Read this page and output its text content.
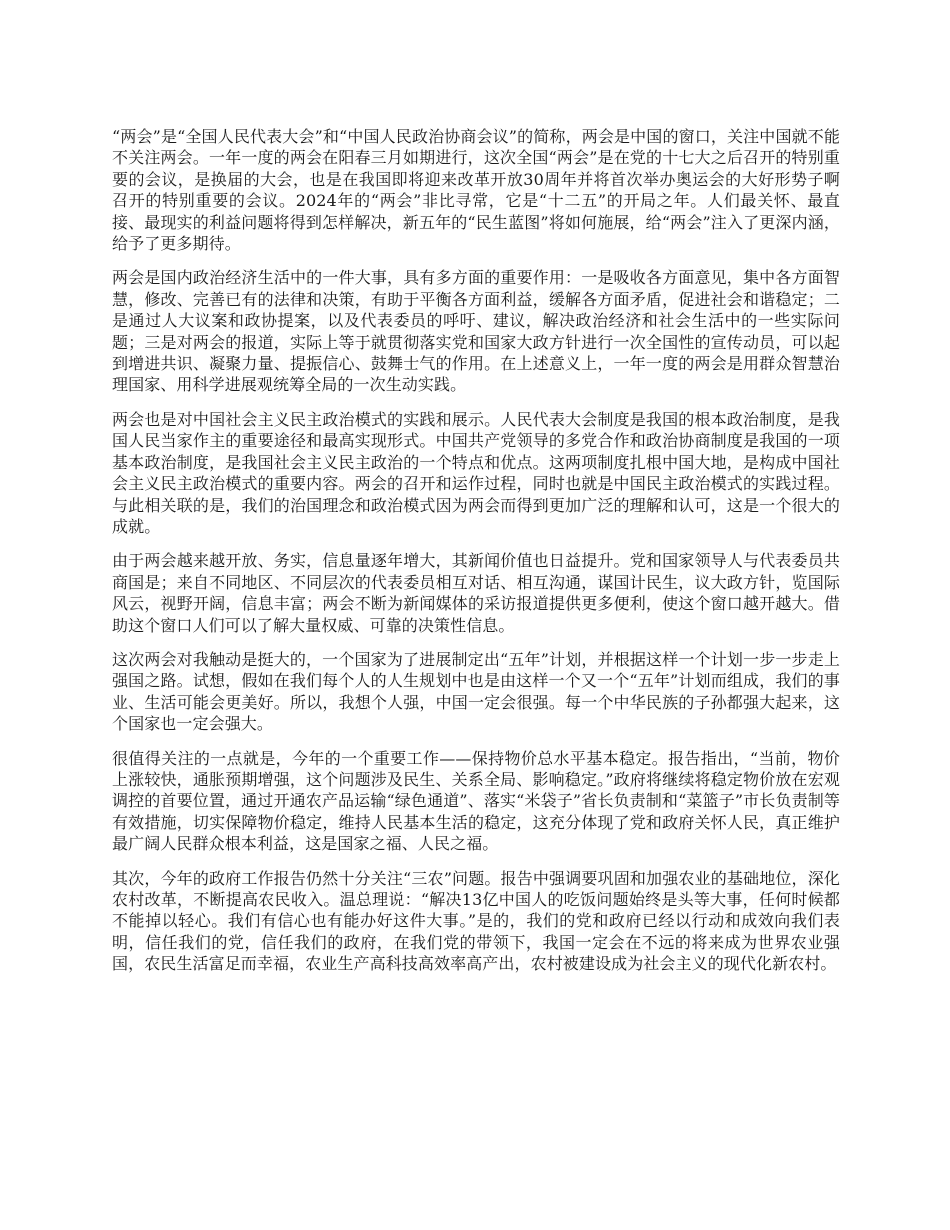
“两会”是“全国人民代表大会”和“中国人民政治协商会议”的简称，两会是中国的窗口，关注中国就不能不关注两会。一年一度的两会在阳春三月如期进行，这次全国“两会”是在党的十七大之后召开的特别重要的会议，是换届的大会，也是在我国即将迎来改革开放30周年并将首次举办奥运会的大好形势子啊召开的特别重要的会议。2024年的“两会”非比寻常，它是“十二五”的开局之年。人们最关怀、最直接、最现实的利益问题将得到怎样解决，新五年的“民生蓝图”将如何施展，给“两会”注入了更深内涵，给予了更多期待。

两会是国内政治经济生活中的一件大事，具有多方面的重要作用：一是吸收各方面意见，集中各方面智慧，修改、完善已有的法律和决策，有助于平衡各方面利益，缓解各方面矛盾，促进社会和谐稳定；二是通过人大议案和政协提案，以及代表委员的呼吁、建议，解决政治经济和社会生活中的一些实际问题；三是对两会的报道，实际上等于就贯彻落实党和国家大政方针进行一次全国性的宣传动员，可以起到增进共识、凝聚力量、提振信心、鼓舞士气的作用。在上述意义上，一年一度的两会是用群众智慧治理国家、用科学进展观统筹全局的一次生动实践。

两会也是对中国社会主义民主政治模式的实践和展示。人民代表大会制度是我国的根本政治制度，是我国人民当家作主的重要途径和最高实现形式。中国共产党领导的多党合作和政治协商制度是我国的一项基本政治制度，是我国社会主义民主政治的一个特点和优点。这两项制度扎根中国大地，是构成中国社会主义民主政治模式的重要内容。两会的召开和运作过程，同时也就是中国民主政治模式的实践过程。与此相关联的是，我们的治国理念和政治模式因为两会而得到更加广泛的理解和认可，这是一个很大的成就。

由于两会越来越开放、务实，信息量逐年增大，其新闻价值也日益提升。党和国家领导人与代表委员共商国是；来自不同地区、不同层次的代表委员相互对话、相互沟通，谋国计民生，议大政方针，览国际风云，视野开阔，信息丰富；两会不断为新闻媒体的采访报道提供更多便利，使这个窗口越开越大。借助这个窗口人们可以了解大量权威、可靠的决策性信息。

这次两会对我触动是挺大的，一个国家为了进展制定出“五年”计划，并根据这样一个计划一步一步走上强国之路。试想，假如在我们每个人的人生规划中也是由这样一个又一个“五年”计划而组成，我们的事业、生活可能会更美好。所以，我想个人强，中国一定会很强。每一个中华民族的子孙都强大起来，这个国家也一定会强大。

很值得关注的一点就是，今年的一个重要工作——保持物价总水平基本稳定。报告指出，“当前，物价上涨较快，通胀预期增强，这个问题涉及民生、关系全局、影响稳定。”政府将继续将稳定物价放在宏观调控的首要位置，通过开通农产品运输“绿色通道”、落实“米袋子”省长负责制和“菜篮子”市长负责制等有效措施，切实保障物价稳定，维持人民基本生活的稳定，这充分体现了党和政府关怀人民，真正维护最广阔人民群众根本利益，这是国家之福、人民之福。

其次，今年的政府工作报告仍然十分关注“三农”问题。报告中强调要巩固和加强农业的基础地位，深化农村改革，不断提高农民收入。温总理说：“解决13亿中国人的吃饭问题始终是头等大事，任何时候都不能掉以轻心。我们有信心也有能办好这件大事。”是的，我们的党和政府已经以行动和成效向我们表明，信任我们的党，信任我们的政府，在我们党的带领下，我国一定会在不远的将来成为世界农业强国，农民生活富足而幸福，农业生产高科技高效率高产出，农村被建设成为社会主义的现代化新农村。
